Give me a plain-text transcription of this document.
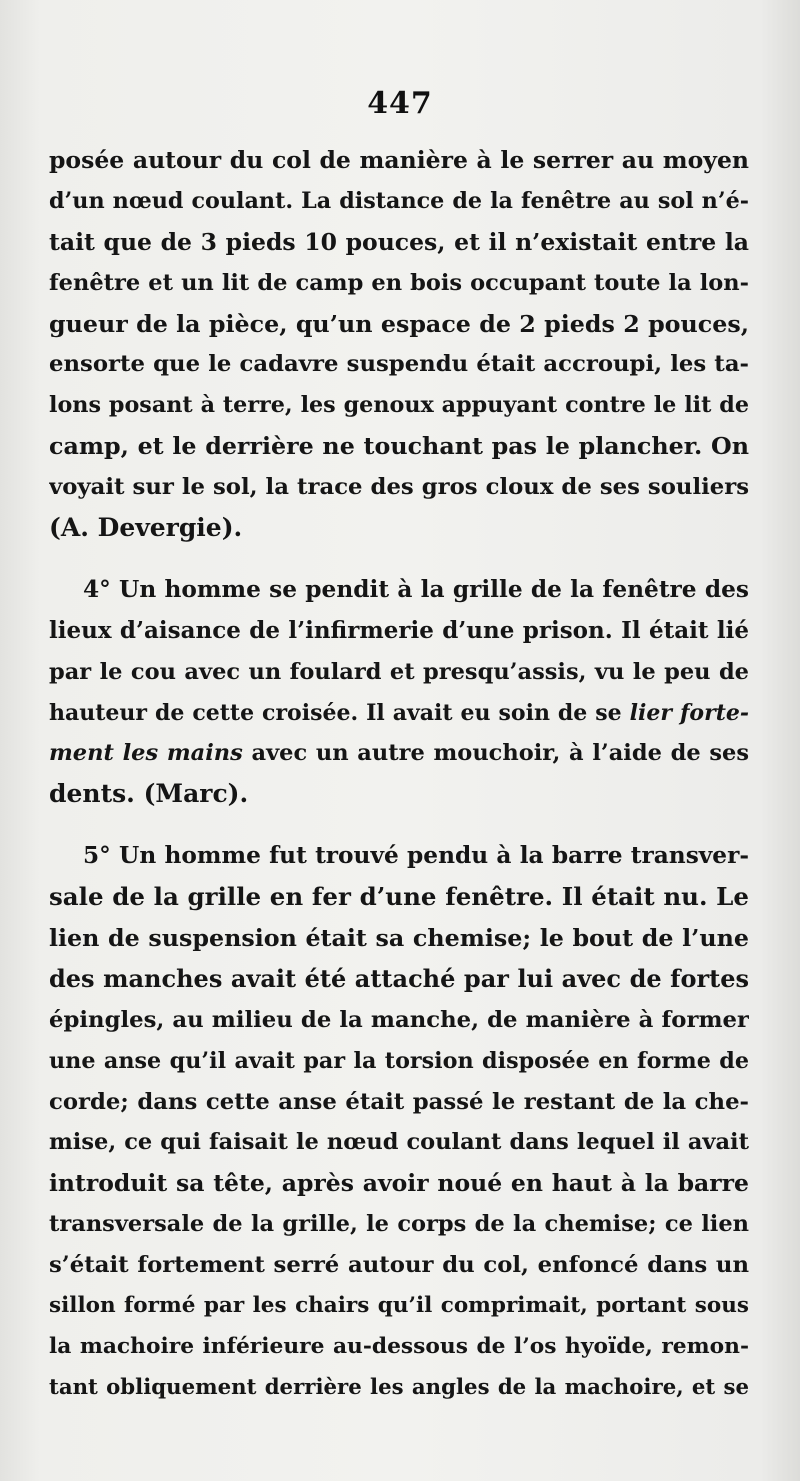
447
posée autour du col de manière à le serrer au moyen
d’un nœud coulant. La distance de la fenêtre au sol n’é-
tait que de 3 pieds 10 pouces, et il n’existait entre la
fenêtre et un lit de camp en bois occupant toute la lon-
gueur de la pièce, qu’un espace de 2 pieds 2 pouces,
ensorte que le cadavre suspendu était accroupi, les ta-
lons posant à terre, les genoux appuyant contre le lit de
camp, et le derrière ne touchant pas le plancher. On
voyait sur le sol, la trace des gros cloux de ses souliers
(A. Devergie).
4° Un homme se pendit à la grille de la fenêtre des
lieux d’aisance de l’infirmerie d’une prison. Il était lié
par le cou avec un foulard et presqu’assis, vu le peu de
hauteur de cette croisée. Il avait eu soin de se lier forte-
ment les mains avec un autre mouchoir, à l’aide de ses
dents. (Marc).
5° Un homme fut trouvé pendu à la barre transver-
sale de la grille en fer d’une fenêtre. Il était nu. Le
lien de suspension était sa chemise; le bout de l’une
des manches avait été attaché par lui avec de fortes
épingles, au milieu de la manche, de manière à former
une anse qu’il avait par la torsion disposée en forme de
corde; dans cette anse était passé le restant de la che-
mise, ce qui faisait le nœud coulant dans lequel il avait
introduit sa tête, après avoir noué en haut à la barre
transversale de la grille, le corps de la chemise; ce lien
s’était fortement serré autour du col, enfoncé dans un
sillon formé par les chairs qu’il comprimait, portant sous
la machoire inférieure au-dessous de l’os hyoïde, remon-
tant obliquement derrière les angles de la machoire, et se
